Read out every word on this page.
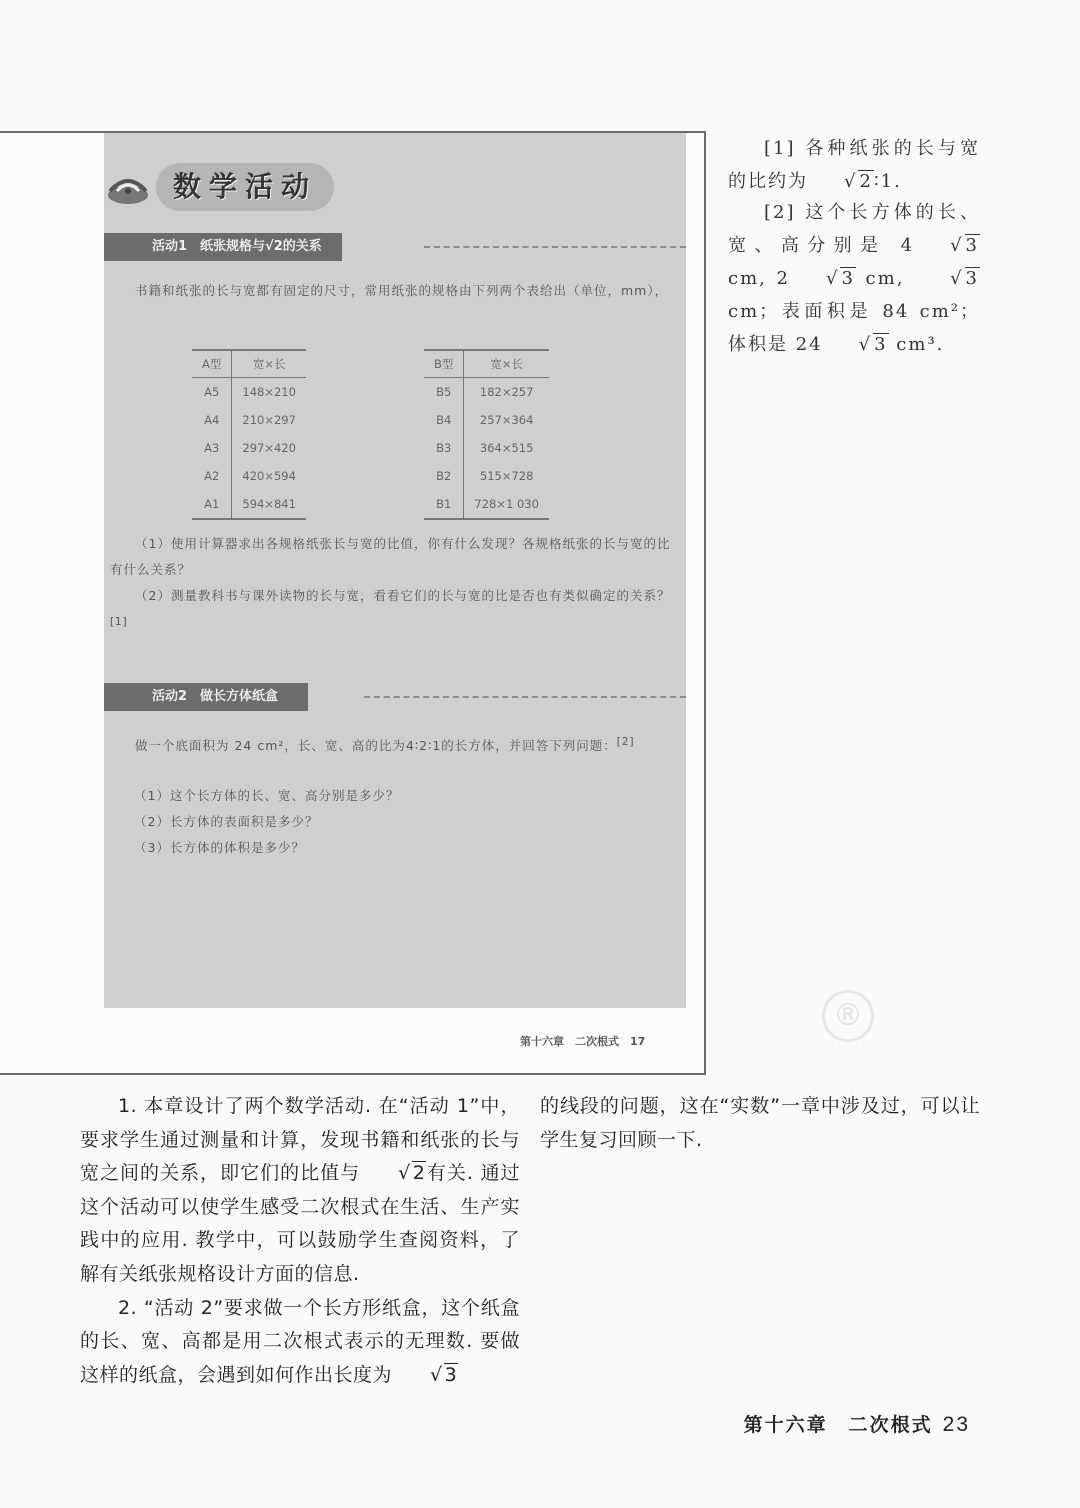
数学活动
活动1　纸张规格与√2的关系
书籍和纸张的长与宽都有固定的尺寸，常用纸张的规格由下列两个表给出（单位，mm），
A型	宽×长
A5	148×210
A4	210×297
A3	297×420
A2	420×594
A1	594×841
B型	宽×长
B5	182×257
B4	257×364
B3	364×515
B2	515×728
B1	728×1 030
（1）使用计算器求出各规格纸张长与宽的比值，你有什么发现？各规格纸张的长与宽的比有什么关系？
（2）测量教科书与课外读物的长与宽，看看它们的长与宽的比是否也有类似确定的关系？[1]
活动2　做长方体纸盒
做一个底面积为 24 cm²，长、宽、高的比为4∶2∶1的长方体，并回答下列问题：[2]
（1）这个长方体的长、宽、高分别是多少？
（2）长方体的表面积是多少？
（3）长方体的体积是多少？
第十六章　二次根式　17
®
[1] 各种纸张的长与宽的比约为 √ 2∶1.
[2] 这个长方体的长、宽、高分别是 4 √ 3 cm, 2 √ 3 cm, √ 3 cm；表面积是 84 cm²；体积是 24 √ 3 cm³.

1. 本章设计了两个数学活动. 在“活动 1”中，要求学生通过测量和计算，发现书籍和纸张的长与宽之间的关系，即它们的比值与 √ 2有关. 通过这个活动可以使学生感受二次根式在生活、生产实践中的应用. 教学中，可以鼓励学生查阅资料，了解有关纸张规格设计方面的信息.

2. “活动 2”要求做一个长方形纸盒，这个纸盒的长、宽、高都是用二次根式表示的无理数. 要做这样的纸盒，会遇到如何作出长度为 √ 3

的线段的问题，这在“实数”一章中涉及过，可以让学生复习回顾一下.

第十六章　二次根式 23
